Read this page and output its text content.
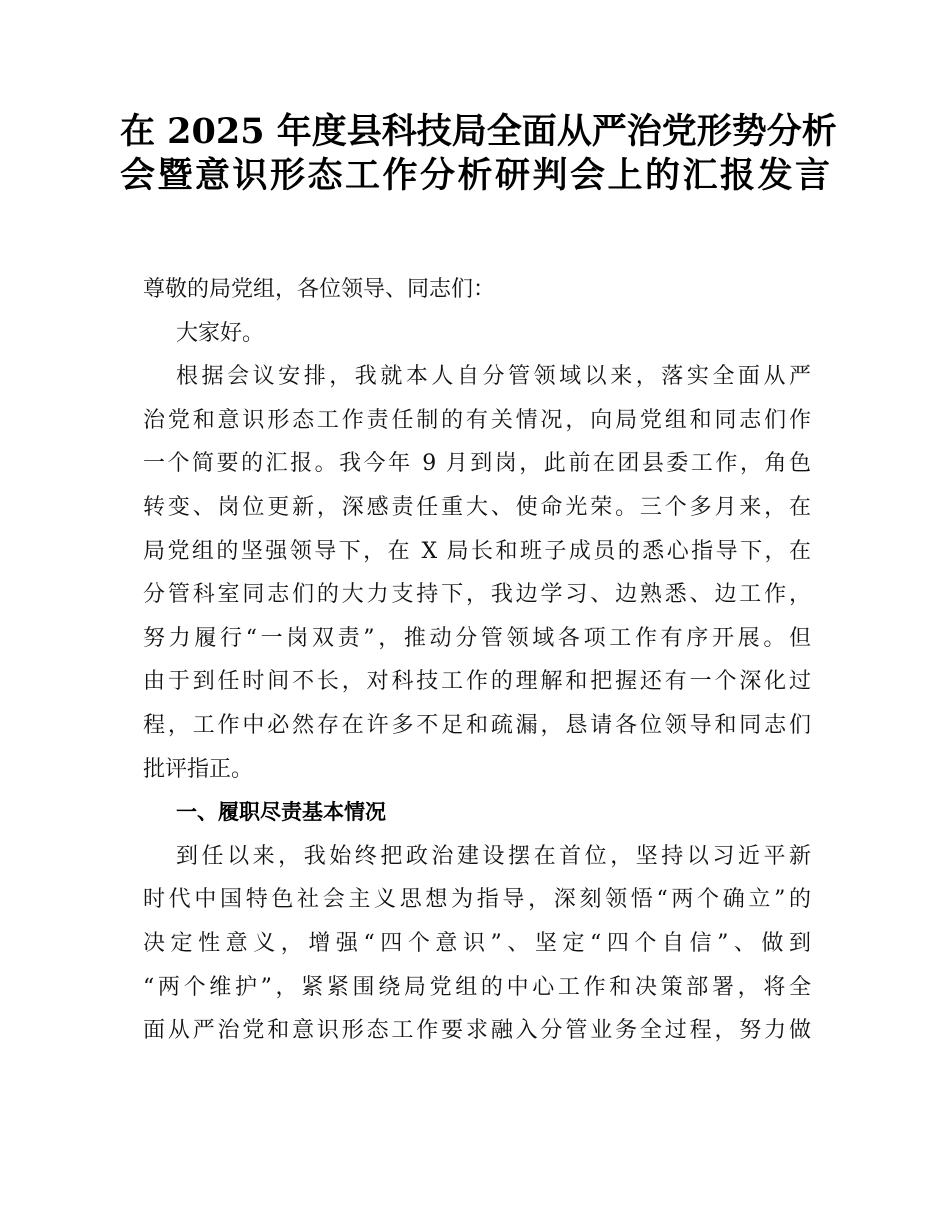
在 2025 年度县科技局全面从严治党形势分析
会暨意识形态工作分析研判会上的汇报发言
尊敬的局党组，各位领导、同志们：
大家好。
根据会议安排，我就本人自分管领域以来，落实全面从严
治党和意识形态工作责任制的有关情况，向局党组和同志们作
一个简要的汇报。我今年 9 月到岗，此前在团县委工作，角色
转变、岗位更新，深感责任重大、使命光荣。三个多月来，在
局党组的坚强领导下，在 X 局长和班子成员的悉心指导下，在
分管科室同志们的大力支持下，我边学习、边熟悉、边工作，
努力履行“一岗双责”，推动分管领域各项工作有序开展。但
由于到任时间不长，对科技工作的理解和把握还有一个深化过
程，工作中必然存在许多不足和疏漏，恳请各位领导和同志们
批评指正。
一、履职尽责基本情况
到任以来，我始终把政治建设摆在首位，坚持以习近平新
时代中国特色社会主义思想为指导，深刻领悟“两个确立”的
决定性意义，增强“四个意识”、坚定“四个自信”、做到
“两个维护”，紧紧围绕局党组的中心工作和决策部署，将全
面从严治党和意识形态工作要求融入分管业务全过程，努力做
